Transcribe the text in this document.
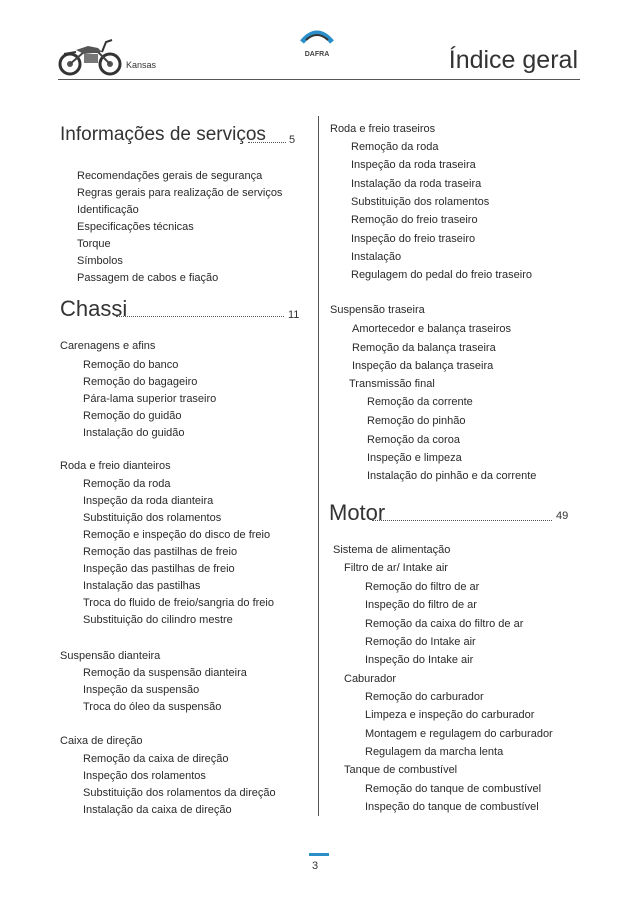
Kansas
DAFRA	Índice geral
Informações de serviços 5
Recomendações gerais de segurança
Regras gerais para realização de serviços
Identificação
Especificações técnicas
Torque
Símbolos
Passagem de cabos e fiação
Chassi	11
Carenagens e afins
Remoção do banco
Remoção do bagageiro
Pára-lama superior traseiro
Remoção do guidão
Instalação do guidão
Roda e freio dianteiros
Remoção da roda
Inspeção da roda dianteira
Substituição dos rolamentos
Remoção e inspeção do disco de freio
Remoção das pastilhas de freio
Inspeção das pastilhas de freio
Instalação das pastilhas
Troca do fluido de freio/sangria do freio
Substituição do cilindro mestre
Suspensão dianteira
Remoção da suspensão dianteira
Inspeção da suspensão
Troca do óleo da suspensão
Caixa de direção
Remoção da caixa de direção
Inspeção dos rolamentos
Substituição dos rolamentos da direção
Instalação da caixa de direção
Roda e freio traseiros
Remoção da roda
Inspeção da roda traseira
Instalação da roda traseira
Substituição dos rolamentos
Remoção do freio traseiro
Inspeção do freio traseiro
Instalação
Regulagem do pedal do freio traseiro
Suspensão traseira
Amortecedor e balança traseiros
Remoção da balança traseira
Inspeção da balança traseira
Transmissão final
Remoção da corrente
Remoção do pinhão
Remoção da coroa
Inspeção e limpeza
Instalação do pinhão e da corrente
Motor	49
Sistema de alimentação
Filtro de ar/ Intake air
Remoção do filtro de ar
Inspeção do filtro de ar
Remoção da caixa do filtro de ar
Remoção do Intake air
Inspeção do Intake air
Caburador
Remoção do carburador
Limpeza e inspeção do carburador
Montagem e regulagem do carburador
Regulagem da marcha lenta
Tanque de combustível
Remoção do tanque de combustível
Inspeção do tanque de combustível
3
